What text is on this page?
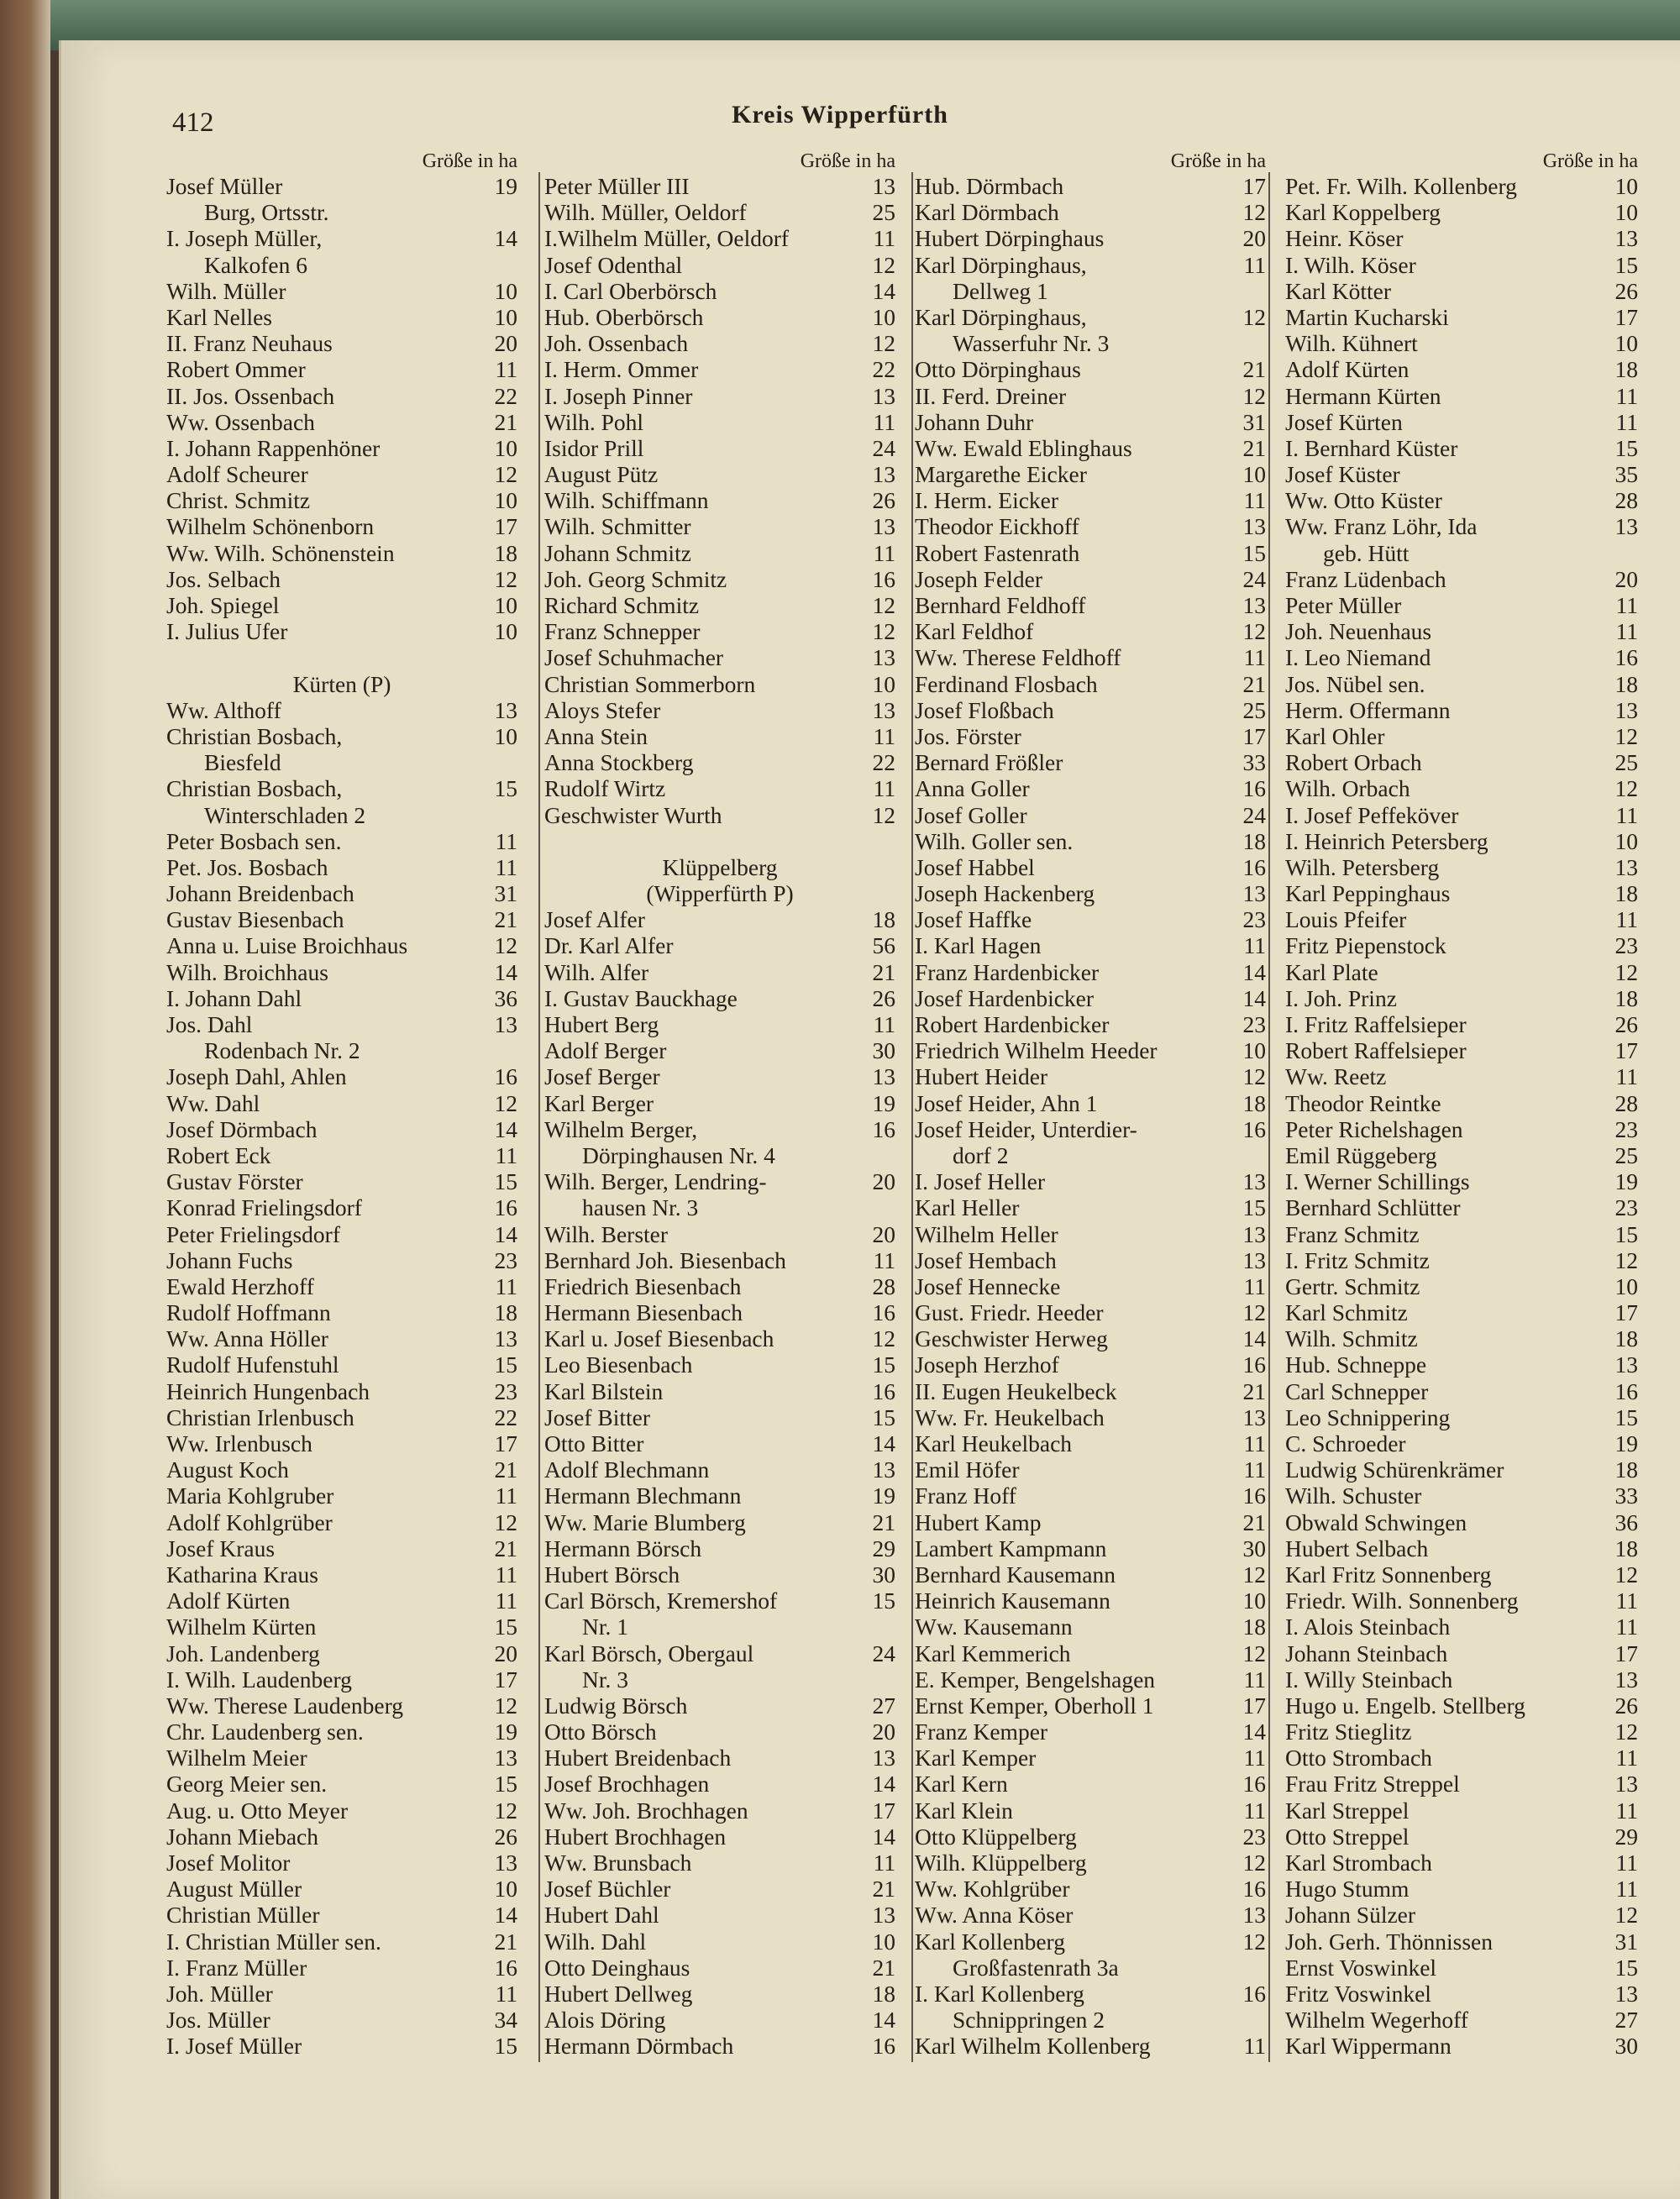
412	Kreis Wipperfürth
Größe in ha
Josef Müller	19
Burg, Ortsstr.
I. Joseph Müller,	14
Kalkofen 6
Wilh. Müller	10
Karl Nelles	10
II. Franz Neuhaus	20
Robert Ommer	11
II. Jos. Ossenbach	22
Ww. Ossenbach	21
I. Johann Rappenhöner	10
Adolf Scheurer	12
Christ. Schmitz	10
Wilhelm Schönenborn	17
Ww. Wilh. Schönenstein	18
Jos. Selbach	12
Joh. Spiegel	10
I. Julius Ufer	10
Kürten (P)
Ww. Althoff	13
Christian Bosbach,	10
Biesfeld
Christian Bosbach,	15
Winterschladen 2
Peter Bosbach sen.	11
Pet. Jos. Bosbach	11
Johann Breidenbach	31
Gustav Biesenbach	21
Anna u. Luise Broichhaus	12
Wilh. Broichhaus	14
I. Johann Dahl	36
Jos. Dahl	13
Rodenbach Nr. 2
Joseph Dahl, Ahlen	16
Ww. Dahl	12
Josef Dörmbach	14
Robert Eck	11
Gustav Förster	15
Konrad Frielingsdorf	16
Peter Frielingsdorf	14
Johann Fuchs	23
Ewald Herzhoff	11
Rudolf Hoffmann	18
Ww. Anna Höller	13
Rudolf Hufenstuhl	15
Heinrich Hungenbach	23
Christian Irlenbusch	22
Ww. Irlenbusch	17
August Koch	21
Maria Kohlgruber	11
Adolf Kohlgrüber	12
Josef Kraus	21
Katharina Kraus	11
Adolf Kürten	11
Wilhelm Kürten	15
Joh. Landenberg	20
I. Wilh. Laudenberg	17
Ww. Therese Laudenberg	12
Chr. Laudenberg sen.	19
Wilhelm Meier	13
Georg Meier sen.	15
Aug. u. Otto Meyer	12
Johann Miebach	26
Josef Molitor	13
August Müller	10
Christian Müller	14
I. Christian Müller sen.	21
I. Franz Müller	16
Joh. Müller	11
Jos. Müller	34
I. Josef Müller	15
Größe in ha
Peter Müller III	13
Wilh. Müller, Oeldorf	25
I.Wilhelm Müller, Oeldorf	11
Josef Odenthal	12
I. Carl Oberbörsch	14
Hub. Oberbörsch	10
Joh. Ossenbach	12
I. Herm. Ommer	22
I. Joseph Pinner	13
Wilh. Pohl	11
Isidor Prill	24
August Pütz	13
Wilh. Schiffmann	26
Wilh. Schmitter	13
Johann Schmitz	11
Joh. Georg Schmitz	16
Richard Schmitz	12
Franz Schnepper	12
Josef Schuhmacher	13
Christian Sommerborn	10
Aloys Stefer	13
Anna Stein	11
Anna Stockberg	22
Rudolf Wirtz	11
Geschwister Wurth	12
Klüppelberg
(Wipperfürth P)
Josef Alfer	18
Dr. Karl Alfer	56
Wilh. Alfer	21
I. Gustav Bauckhage	26
Hubert Berg	11
Adolf Berger	30
Josef Berger	13
Karl Berger	19
Wilhelm Berger,	16
Dörpinghausen Nr. 4
Wilh. Berger, Lendring-	20
hausen Nr. 3
Wilh. Berster	20
Bernhard Joh. Biesenbach	11
Friedrich Biesenbach	28
Hermann Biesenbach	16
Karl u. Josef Biesenbach	12
Leo Biesenbach	15
Karl Bilstein	16
Josef Bitter	15
Otto Bitter	14
Adolf Blechmann	13
Hermann Blechmann	19
Ww. Marie Blumberg	21
Hermann Börsch	29
Hubert Börsch	30
Carl Börsch, Kremershof	15
Nr. 1
Karl Börsch, Obergaul	24
Nr. 3
Ludwig Börsch	27
Otto Börsch	20
Hubert Breidenbach	13
Josef Brochhagen	14
Ww. Joh. Brochhagen	17
Hubert Brochhagen	14
Ww. Brunsbach	11
Josef Büchler	21
Hubert Dahl	13
Wilh. Dahl	10
Otto Deinghaus	21
Hubert Dellweg	18
Alois Döring	14
Hermann Dörmbach	16
Größe in ha
Hub. Dörmbach	17
Karl Dörmbach	12
Hubert Dörpinghaus	20
Karl Dörpinghaus,	11
Dellweg 1
Karl Dörpinghaus,	12
Wasserfuhr Nr. 3
Otto Dörpinghaus	21
II. Ferd. Dreiner	12
Johann Duhr	31
Ww. Ewald Eblinghaus	21
Margarethe Eicker	10
I. Herm. Eicker	11
Theodor Eickhoff	13
Robert Fastenrath	15
Joseph Felder	24
Bernhard Feldhoff	13
Karl Feldhof	12
Ww. Therese Feldhoff	11
Ferdinand Flosbach	21
Josef Floßbach	25
Jos. Förster	17
Bernard Frößler	33
Anna Goller	16
Josef Goller	24
Wilh. Goller sen.	18
Josef Habbel	16
Joseph Hackenberg	13
Josef Haffke	23
I. Karl Hagen	11
Franz Hardenbicker	14
Josef Hardenbicker	14
Robert Hardenbicker	23
Friedrich Wilhelm Heeder	10
Hubert Heider	12
Josef Heider, Ahn 1	18
Josef Heider, Unterdier-	16
dorf 2
I. Josef Heller	13
Karl Heller	15
Wilhelm Heller	13
Josef Hembach	13
Josef Hennecke	11
Gust. Friedr. Heeder	12
Geschwister Herweg	14
Joseph Herzhof	16
II. Eugen Heukelbeck	21
Ww. Fr. Heukelbach	13
Karl Heukelbach	11
Emil Höfer	11
Franz Hoff	16
Hubert Kamp	21
Lambert Kampmann	30
Bernhard Kausemann	12
Heinrich Kausemann	10
Ww. Kausemann	18
Karl Kemmerich	12
E. Kemper, Bengelshagen	11
Ernst Kemper, Oberholl 1	17
Franz Kemper	14
Karl Kemper	11
Karl Kern	16
Karl Klein	11
Otto Klüppelberg	23
Wilh. Klüppelberg	12
Ww. Kohlgrüber	16
Ww. Anna Köser	13
Karl Kollenberg	12
Großfastenrath 3a
I. Karl Kollenberg	16
Schnippringen 2
Karl Wilhelm Kollenberg	11
Größe in ha
Pet. Fr. Wilh. Kollenberg	10
Karl Koppelberg	10
Heinr. Köser	13
I. Wilh. Köser	15
Karl Kötter	26
Martin Kucharski	17
Wilh. Kühnert	10
Adolf Kürten	18
Hermann Kürten	11
Josef Kürten	11
I. Bernhard Küster	15
Josef Küster	35
Ww. Otto Küster	28
Ww. Franz Löhr, Ida	13
geb. Hütt
Franz Lüdenbach	20
Peter Müller	11
Joh. Neuenhaus	11
I. Leo Niemand	16
Jos. Nübel sen.	18
Herm. Offermann	13
Karl Ohler	12
Robert Orbach	25
Wilh. Orbach	12
I. Josef Peffeköver	11
I. Heinrich Petersberg	10
Wilh. Petersberg	13
Karl Peppinghaus	18
Louis Pfeifer	11
Fritz Piepenstock	23
Karl Plate	12
I. Joh. Prinz	18
I. Fritz Raffelsieper	26
Robert Raffelsieper	17
Ww. Reetz	11
Theodor Reintke	28
Peter Richelshagen	23
Emil Rüggeberg	25
I. Werner Schillings	19
Bernhard Schlütter	23
Franz Schmitz	15
I. Fritz Schmitz	12
Gertr. Schmitz	10
Karl Schmitz	17
Wilh. Schmitz	18
Hub. Schneppe	13
Carl Schnepper	16
Leo Schnippering	15
C. Schroeder	19
Ludwig Schürenkrämer	18
Wilh. Schuster	33
Obwald Schwingen	36
Hubert Selbach	18
Karl Fritz Sonnenberg	12
Friedr. Wilh. Sonnenberg	11
I. Alois Steinbach	11
Johann Steinbach	17
I. Willy Steinbach	13
Hugo u. Engelb. Stellberg	26
Fritz Stieglitz	12
Otto Strombach	11
Frau Fritz Streppel	13
Karl Streppel	11
Otto Streppel	29
Karl Strombach	11
Hugo Stumm	11
Johann Sülzer	12
Joh. Gerh. Thönnissen	31
Ernst Voswinkel	15
Fritz Voswinkel	13
Wilhelm Wegerhoff	27
Karl Wippermann	30
